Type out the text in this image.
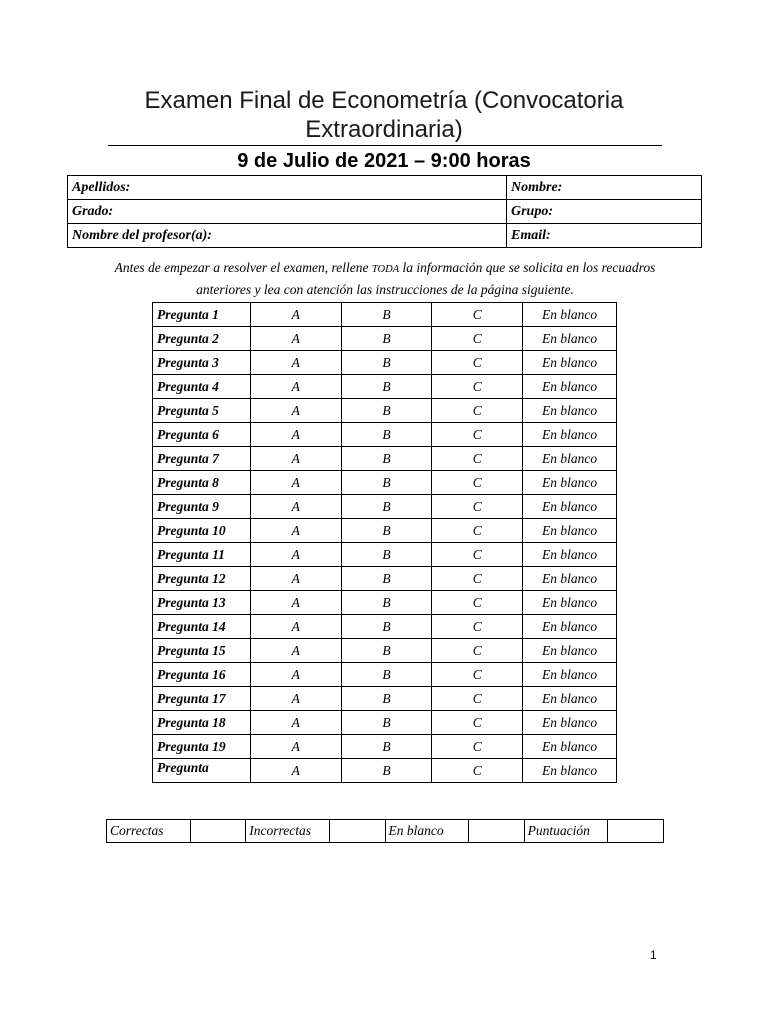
Examen Final de Econometría (Convocatoria Extraordinaria)
9 de Julio de 2021 – 9:00 horas
Apellidos:	Nombre:
Grado:	Grupo:
Nombre del profesor(a):	Email:
Antes de empezar a resolver el examen, rellene TODA la información que se solicita en los recuadros anteriores y lea con atención las instrucciones de la página siguiente.
Pregunta 1	A	B	C	En blanco
Pregunta 2	A	B	C	En blanco
Pregunta 3	A	B	C	En blanco
Pregunta 4	A	B	C	En blanco
Pregunta 5	A	B	C	En blanco
Pregunta 6	A	B	C	En blanco
Pregunta 7	A	B	C	En blanco
Pregunta 8	A	B	C	En blanco
Pregunta 9	A	B	C	En blanco
Pregunta 10	A	B	C	En blanco
Pregunta 11	A	B	C	En blanco
Pregunta 12	A	B	C	En blanco
Pregunta 13	A	B	C	En blanco
Pregunta 14	A	B	C	En blanco
Pregunta 15	A	B	C	En blanco
Pregunta 16	A	B	C	En blanco
Pregunta 17	A	B	C	En blanco
Pregunta 18	A	B	C	En blanco
Pregunta 19	A	B	C	En blanco
Pregunta	A	B	C	En blanco
Correctas		Incorrectas		En blanco		Puntuación	
1
